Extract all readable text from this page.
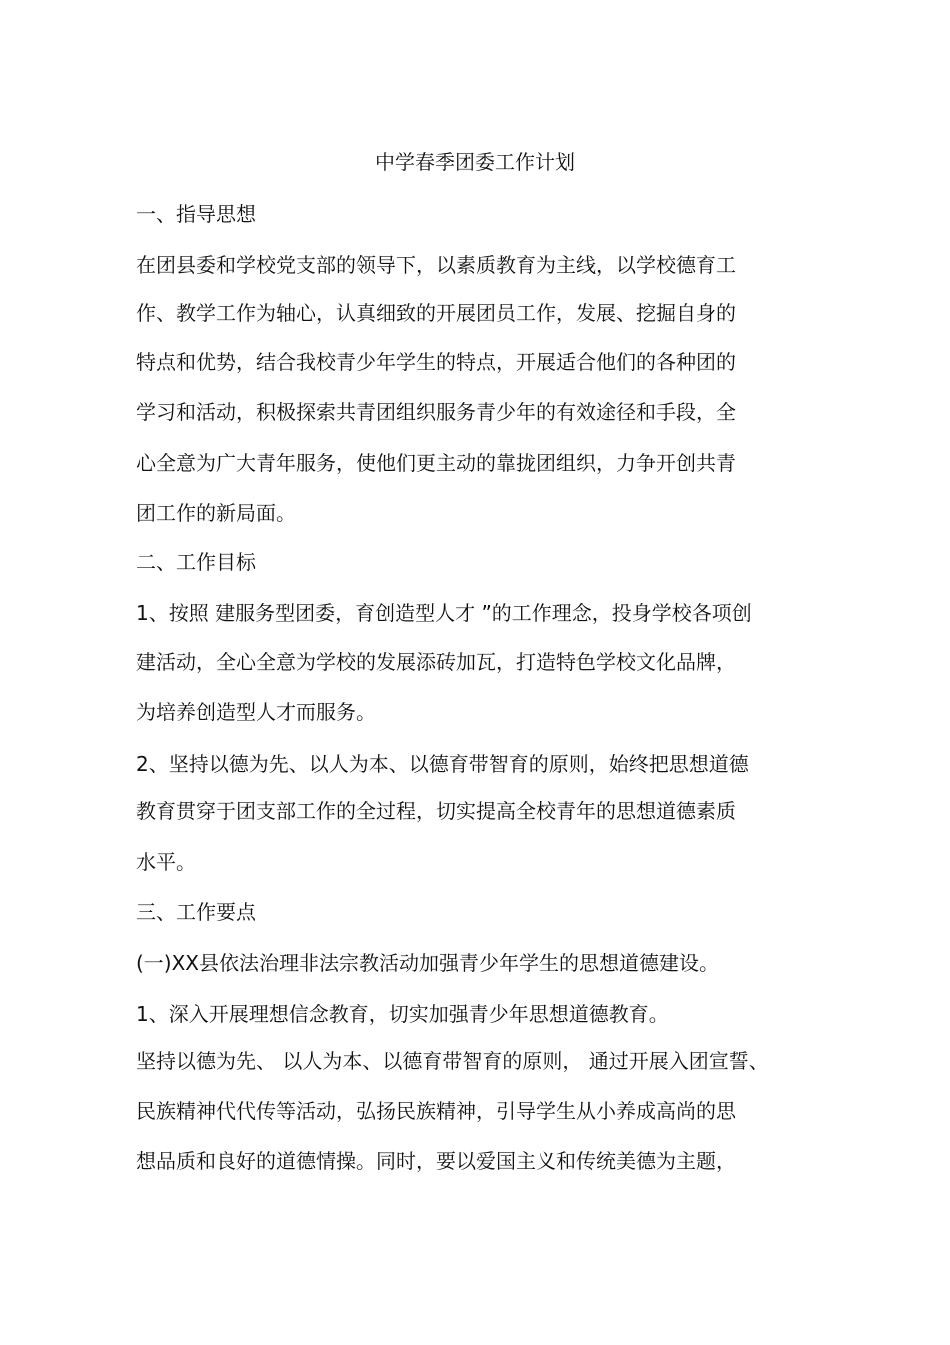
中学春季团委工作计划
一、指导思想
在团县委和学校党支部的领导下，以素质教育为主线，以学校德育工
作、教学工作为轴心，认真细致的开展团员工作，发展、挖掘自身的
特点和优势，结合我校青少年学生的特点，开展适合他们的各种团的
学习和活动，积极探索共青团组织服务青少年的有效途径和手段，全
心全意为广大青年服务，使他们更主动的靠拢团组织，力争开创共青
团工作的新局面。
二、工作目标
1、按照 建服务型团委，育创造型人才 ”的工作理念，投身学校各项创
建活动，全心全意为学校的发展添砖加瓦，打造特色学校文化品牌，
为培养创造型人才而服务。
2、坚持以德为先、以人为本、以德育带智育的原则，始终把思想道德
教育贯穿于团支部工作的全过程，切实提高全校青年的思想道德素质
水平。
三、工作要点
(一)XX县依法治理非法宗教活动加强青少年学生的思想道德建设。
1、深入开展理想信念教育，切实加强青少年思想道德教育。
坚持以德为先、 以人为本、以德育带智育的原则， 通过开展入团宣誓、
民族精神代代传等活动，弘扬民族精神，引导学生从小养成高尚的思
想品质和良好的道德情操。同时，要以爱国主义和传统美德为主题，
